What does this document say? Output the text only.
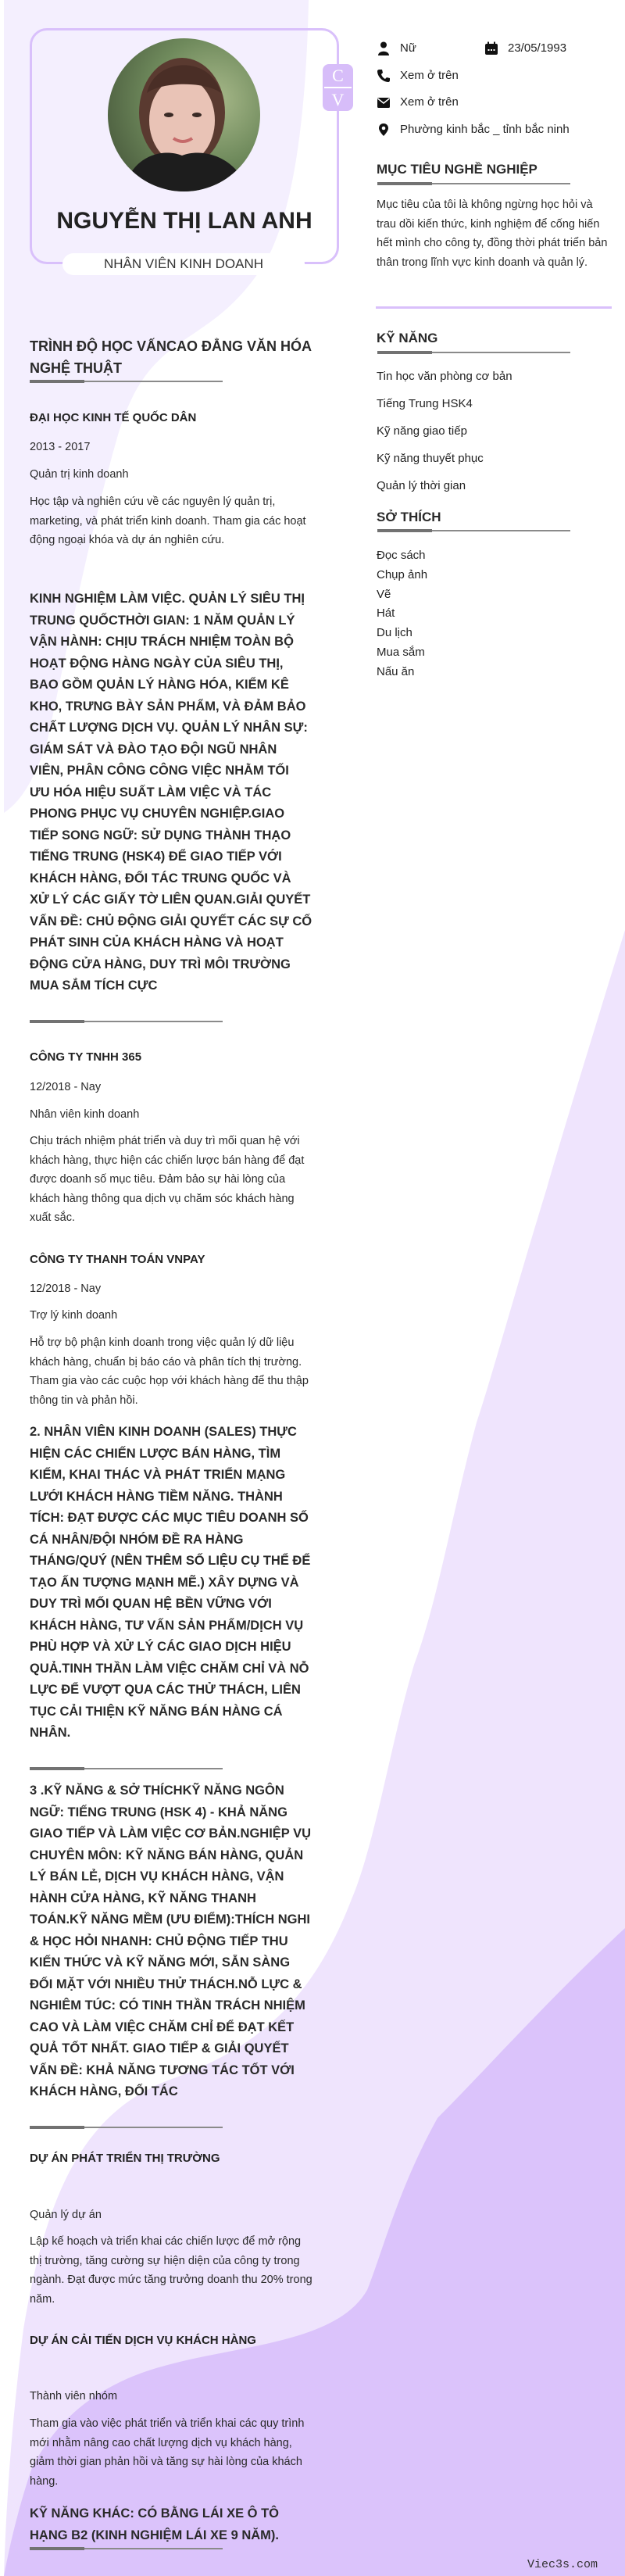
NGUYỄN THỊ LAN ANH
NHÂN VIÊN KINH DOANH
C
V
Nữ	23/05/1993
Xem ở trên
Xem ở trên
Phường kinh bắc _ tỉnh bắc ninh
MỤC TIÊU NGHỀ NGHIỆP
Mục tiêu của tôi là không ngừng học hỏi và trau dồi kiến thức, kinh nghiệm để cống hiến hết mình cho công ty, đồng thời phát triển bản thân trong lĩnh vực kinh doanh và quản lý.
KỸ NĂNG
Tin học văn phòng cơ bản
Tiếng Trung HSK4
Kỹ năng giao tiếp
Kỹ năng thuyết phục
Quản lý thời gian
SỞ THÍCH
Đọc sách
Chụp ảnh
Vẽ
Hát
Du lịch
Mua sắm
Nấu ăn
TRÌNH ĐỘ HỌC VẤNCAO ĐẲNG VĂN HÓA NGHỆ THUẬT
ĐẠI HỌC KINH TẾ QUỐC DÂN
2013 - 2017
Quản trị kinh doanh
Học tập và nghiên cứu về các nguyên lý quản trị, marketing, và phát triển kinh doanh. Tham gia các hoạt động ngoại khóa và dự án nghiên cứu.
KINH NGHIỆM LÀM VIỆC. QUẢN LÝ SIÊU THỊ TRUNG QUỐCTHỜI GIAN: 1 NĂM QUẢN LÝ VẬN HÀNH: CHỊU TRÁCH NHIỆM TOÀN BỘ HOẠT ĐỘNG HÀNG NGÀY CỦA SIÊU THỊ, BAO GỒM QUẢN LÝ HÀNG HÓA, KIỂM KÊ KHO, TRƯNG BÀY SẢN PHẨM, VÀ ĐẢM BẢO CHẤT LƯỢNG DỊCH VỤ. QUẢN LÝ NHÂN SỰ: GIÁM SÁT VÀ ĐÀO TẠO ĐỘI NGŨ NHÂN VIÊN, PHÂN CÔNG CÔNG VIỆC NHẰM TỐI ƯU HÓA HIỆU SUẤT LÀM VIỆC VÀ TÁC PHONG PHỤC VỤ CHUYÊN NGHIỆP.GIAO TIẾP SONG NGỮ: SỬ DỤNG THÀNH THẠO TIẾNG TRUNG (HSK4) ĐỂ GIAO TIẾP VỚI KHÁCH HÀNG, ĐỐI TÁC TRUNG QUỐC VÀ XỬ LÝ CÁC GIẤY TỜ LIÊN QUAN.GIẢI QUYẾT VẤN ĐỀ: CHỦ ĐỘNG GIẢI QUYẾT CÁC SỰ CỐ PHÁT SINH CỦA KHÁCH HÀNG VÀ HOẠT ĐỘNG CỬA HÀNG, DUY TRÌ MÔI TRƯỜNG MUA SẮM TÍCH CỰC
CÔNG TY TNHH 365
12/2018 - Nay
Nhân viên kinh doanh
Chịu trách nhiệm phát triển và duy trì mối quan hệ với khách hàng, thực hiện các chiến lược bán hàng để đạt được doanh số mục tiêu. Đảm bảo sự hài lòng của khách hàng thông qua dịch vụ chăm sóc khách hàng xuất sắc.
CÔNG TY THANH TOÁN VNPAY
12/2018 - Nay
Trợ lý kinh doanh
Hỗ trợ bộ phận kinh doanh trong việc quản lý dữ liệu khách hàng, chuẩn bị báo cáo và phân tích thị trường. Tham gia vào các cuộc họp với khách hàng để thu thập thông tin và phản hồi.
2. NHÂN VIÊN KINH DOANH (SALES) THỰC HIỆN CÁC CHIẾN LƯỢC BÁN HÀNG, TÌM KIẾM, KHAI THÁC VÀ PHÁT TRIỂN MẠNG LƯỚI KHÁCH HÀNG TIỀM NĂNG. THÀNH TÍCH: ĐẠT ĐƯỢC CÁC MỤC TIÊU DOANH SỐ CÁ NHÂN/ĐỘI NHÓM ĐỀ RA HÀNG THÁNG/QUÝ (NÊN THÊM SỐ LIỆU CỤ THỂ ĐỂ TẠO ẤN TƯỢNG MẠNH MẼ.) XÂY DỰNG VÀ DUY TRÌ MỐI QUAN HỆ BỀN VỮNG VỚI KHÁCH HÀNG, TƯ VẤN SẢN PHẨM/DỊCH VỤ PHÙ HỢP VÀ XỬ LÝ CÁC GIAO DỊCH HIỆU QUẢ.TINH THẦN LÀM VIỆC CHĂM CHỈ VÀ NỖ LỰC ĐỂ VƯỢT QUA CÁC THỬ THÁCH, LIÊN TỤC CẢI THIỆN KỸ NĂNG BÁN HÀNG CÁ NHÂN.
3 .KỸ NĂNG & SỞ THÍCHKỸ NĂNG NGÔN NGỮ: TIẾNG TRUNG (HSK 4) - KHẢ NĂNG GIAO TIẾP VÀ LÀM VIỆC CƠ BẢN.NGHIỆP VỤ CHUYÊN MÔN: KỸ NĂNG BÁN HÀNG, QUẢN LÝ BÁN LẺ, DỊCH VỤ KHÁCH HÀNG, VẬN HÀNH CỬA HÀNG, KỸ NĂNG THANH TOÁN.KỸ NĂNG MỀM (ƯU ĐIỂM):THÍCH NGHI & HỌC HỎI NHANH: CHỦ ĐỘNG TIẾP THU KIẾN THỨC VÀ KỸ NĂNG MỚI, SẴN SÀNG ĐỐI MẶT VỚI NHIỀU THỬ THÁCH.NỖ LỰC & NGHIÊM TÚC: CÓ TINH THẦN TRÁCH NHIỆM CAO VÀ LÀM VIỆC CHĂM CHỈ ĐỂ ĐẠT KẾT QUẢ TỐT NHẤT. GIAO TIẾP & GIẢI QUYẾT VẤN ĐỀ: KHẢ NĂNG TƯƠNG TÁC TỐT VỚI KHÁCH HÀNG, ĐỐI TÁC
DỰ ÁN PHÁT TRIỂN THỊ TRƯỜNG
Quản lý dự án
Lập kế hoạch và triển khai các chiến lược để mở rộng thị trường, tăng cường sự hiện diện của công ty trong ngành. Đạt được mức tăng trưởng doanh thu 20% trong năm.
DỰ ÁN CẢI TIẾN DỊCH VỤ KHÁCH HÀNG
Thành viên nhóm
Tham gia vào việc phát triển và triển khai các quy trình mới nhằm nâng cao chất lượng dịch vụ khách hàng, giảm thời gian phản hồi và tăng sự hài lòng của khách hàng.
KỸ NĂNG KHÁC: CÓ BẰNG LÁI XE Ô TÔ HẠNG B2 (KINH NGHIỆM LÁI XE 9 NĂM).
Viec3s.com
